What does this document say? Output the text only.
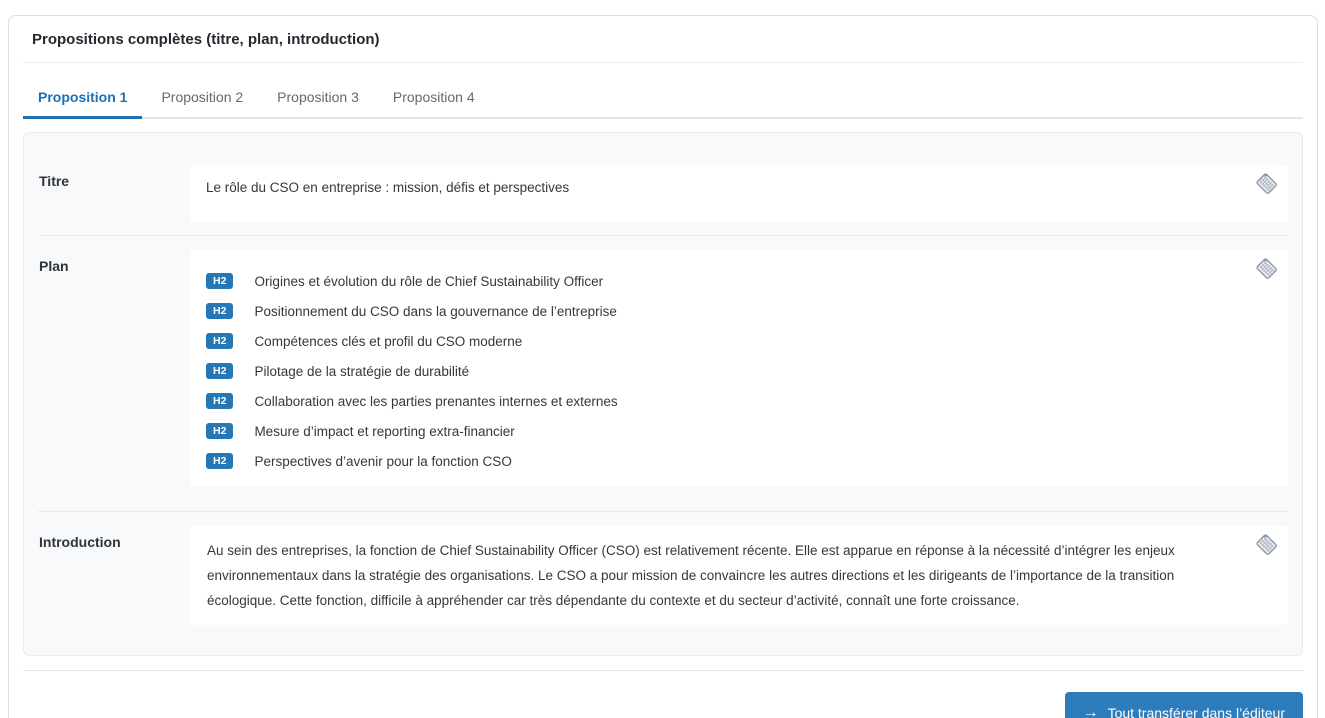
Propositions complètes (titre, plan, introduction)
Proposition 1	Proposition 2	Proposition 3	Proposition 4
Titre	Le rôle du CSO en entreprise : mission, défis et perspectives

Plan
H2	Origines et évolution du rôle de Chief Sustainability Officer
H2	Positionnement du CSO dans la gouvernance de l’entreprise
H2	Compétences clés et profil du CSO moderne
H2	Pilotage de la stratégie de durabilité
H2	Collaboration avec les parties prenantes internes et externes
H2	Mesure d’impact et reporting extra-financier
H2	Perspectives d’avenir pour la fonction CSO
Introduction

Au sein des entreprises, la fonction de Chief Sustainability Officer (CSO) est relativement récente. Elle est apparue en réponse à la nécessité d’intégrer les enjeux environnementaux dans la stratégie des organisations. Le CSO a pour mission de convaincre les autres directions et les dirigeants de l’importance de la transition écologique. Cette fonction, difficile à appréhender car très dépendante du contexte et du secteur d’activité, connaît une forte croissance.

→ Tout transférer dans l’éditeur
